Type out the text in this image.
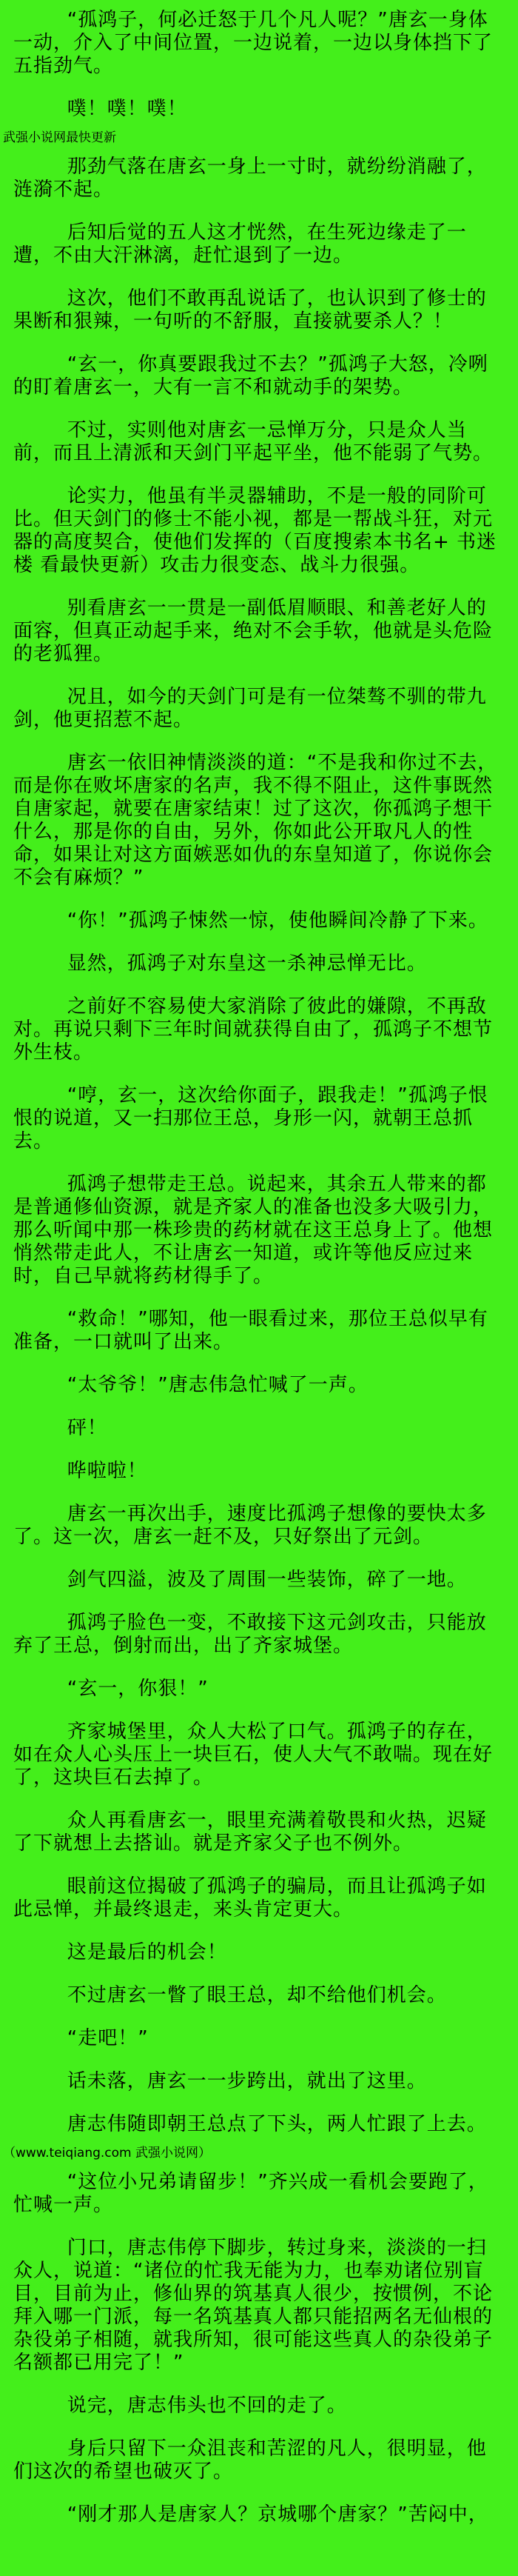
“孤鸿子，何必迁怒于几个凡人呢？”唐玄一身体一动，介入了中间位置，一边说着，一边以身体挡下了五指劲气。

噗！噗！噗！

武强小说网最快更新

那劲气落在唐玄一身上一寸时，就纷纷消融了，涟漪不起。

后知后觉的五人这才恍然，在生死边缘走了一遭，不由大汗淋漓，赶忙退到了一边。

这次，他们不敢再乱说话了，也认识到了修士的果断和狠辣，一句听的不舒服，直接就要杀人？！

“玄一，你真要跟我过不去？”孤鸿子大怒，冷咧的盯着唐玄一，大有一言不和就动手的架势。

不过，实则他对唐玄一忌惮万分，只是众人当前，而且上清派和天剑门平起平坐，他不能弱了气势。

论实力，他虽有半灵器辅助，不是一般的同阶可比。但天剑门的修士不能小视，都是一帮战斗狂，对元器的高度契合，使他们发挥的（百度搜索本书名+ 书迷楼 看最快更新）攻击力很变态、战斗力很强。

别看唐玄一一贯是一副低眉顺眼、和善老好人的面容，但真正动起手来，绝对不会手软，他就是头危险的老狐狸。

况且，如今的天剑门可是有一位桀骜不驯的带九剑，他更招惹不起。

唐玄一依旧神情淡淡的道：“不是我和你过不去，而是你在败坏唐家的名声，我不得不阻止，这件事既然自唐家起，就要在唐家结束！过了这次，你孤鸿子想干什么，那是你的自由，另外，你如此公开取凡人的性命，如果让对这方面嫉恶如仇的东皇知道了，你说你会不会有麻烦？”

“你！”孤鸿子悚然一惊，使他瞬间冷静了下来。

显然，孤鸿子对东皇这一杀神忌惮无比。

之前好不容易使大家消除了彼此的嫌隙，不再敌对。再说只剩下三年时间就获得自由了，孤鸿子不想节外生枝。

“哼，玄一，这次给你面子，跟我走！”孤鸿子恨恨的说道，又一扫那位王总，身形一闪，就朝王总抓去。

孤鸿子想带走王总。说起来，其余五人带来的都是普通修仙资源，就是齐家人的准备也没多大吸引力，那么听闻中那一株珍贵的药材就在这王总身上了。他想悄然带走此人，不让唐玄一知道，或许等他反应过来时，自己早就将药材得手了。

“救命！”哪知，他一眼看过来，那位王总似早有准备，一口就叫了出来。

“太爷爷！”唐志伟急忙喊了一声。

砰！

哗啦啦！

唐玄一再次出手，速度比孤鸿子想像的要快太多了。这一次，唐玄一赶不及，只好祭出了元剑。

剑气四溢，波及了周围一些装饰，碎了一地。

孤鸿子脸色一变，不敢接下这元剑攻击，只能放弃了王总，倒射而出，出了齐家城堡。

“玄一，你狠！”

齐家城堡里，众人大松了口气。孤鸿子的存在，如在众人心头压上一块巨石，使人大气不敢喘。现在好了，这块巨石去掉了。

众人再看唐玄一，眼里充满着敬畏和火热，迟疑了下就想上去搭讪。就是齐家父子也不例外。

眼前这位揭破了孤鸿子的骗局，而且让孤鸿子如此忌惮，并最终退走，来头肯定更大。

这是最后的机会！

不过唐玄一瞥了眼王总，却不给他们机会。

“走吧！”

话未落，唐玄一一步跨出，就出了这里。

唐志伟随即朝王总点了下头，两人忙跟了上去。

（www.teiqiang.com 武强小说网）

“这位小兄弟请留步！”齐兴成一看机会要跑了，忙喊一声。

门口，唐志伟停下脚步，转过身来，淡淡的一扫众人，说道：“诸位的忙我无能为力，也奉劝诸位别盲目，目前为止，修仙界的筑基真人很少，按惯例，不论拜入哪一门派，每一名筑基真人都只能招两名无仙根的杂役弟子相随，就我所知，很可能这些真人的杂役弟子名额都已用完了！”

说完，唐志伟头也不回的走了。

身后只留下一众沮丧和苦涩的凡人，很明显，他们这次的希望也破灭了。

“刚才那人是唐家人？京城哪个唐家？”苦闷中，
